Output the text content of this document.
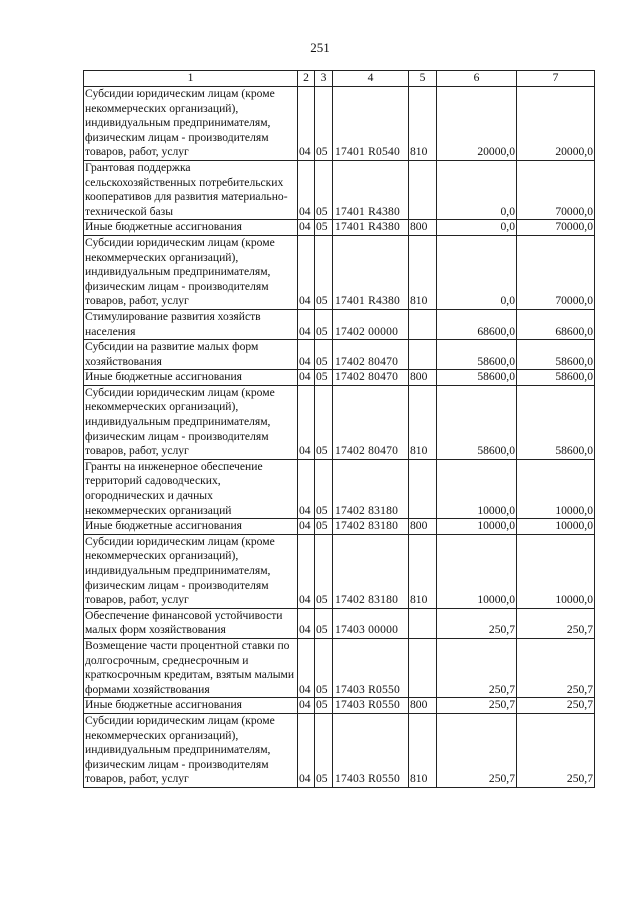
251
1	2	3	4	5	6	7
Субсидии юридическим лицам (кроме некоммерческих организаций), индивидуальным предпринимателям, физическим лицам - производителям товаров, работ, услуг	04	05	17401 R0540	810	20000,0	20000,0
Грантовая поддержка сельскохозяйственных потребительских кооперативов для развития материально-технической базы	04	05	17401 R4380		0,0	70000,0
Иные бюджетные ассигнования	04	05	17401 R4380	800	0,0	70000,0
Субсидии юридическим лицам (кроме некоммерческих организаций), индивидуальным предпринимателям, физическим лицам - производителям товаров, работ, услуг	04	05	17401 R4380	810	0,0	70000,0
Стимулирование развития хозяйств населения	04	05	17402 00000		68600,0	68600,0
Субсидии на развитие малых форм хозяйствования	04	05	17402 80470		58600,0	58600,0
Иные бюджетные ассигнования	04	05	17402 80470	800	58600,0	58600,0
Субсидии юридическим лицам (кроме некоммерческих организаций), индивидуальным предпринимателям, физическим лицам - производителям товаров, работ, услуг	04	05	17402 80470	810	58600,0	58600,0
Гранты на инженерное обеспечение территорий садоводческих, огороднических и дачных некоммерческих организаций	04	05	17402 83180		10000,0	10000,0
Иные бюджетные ассигнования	04	05	17402 83180	800	10000,0	10000,0
Субсидии юридическим лицам (кроме некоммерческих организаций), индивидуальным предпринимателям, физическим лицам - производителям товаров, работ, услуг	04	05	17402 83180	810	10000,0	10000,0
Обеспечение финансовой устойчивости малых форм хозяйствования	04	05	17403 00000		250,7	250,7
Возмещение части процентной ставки по долгосрочным, среднесрочным и краткосрочным кредитам, взятым малыми формами хозяйствования	04	05	17403 R0550		250,7	250,7
Иные бюджетные ассигнования	04	05	17403 R0550	800	250,7	250,7
Субсидии юридическим лицам (кроме некоммерческих организаций), индивидуальным предпринимателям, физическим лицам - производителям товаров, работ, услуг	04	05	17403 R0550	810	250,7	250,7
